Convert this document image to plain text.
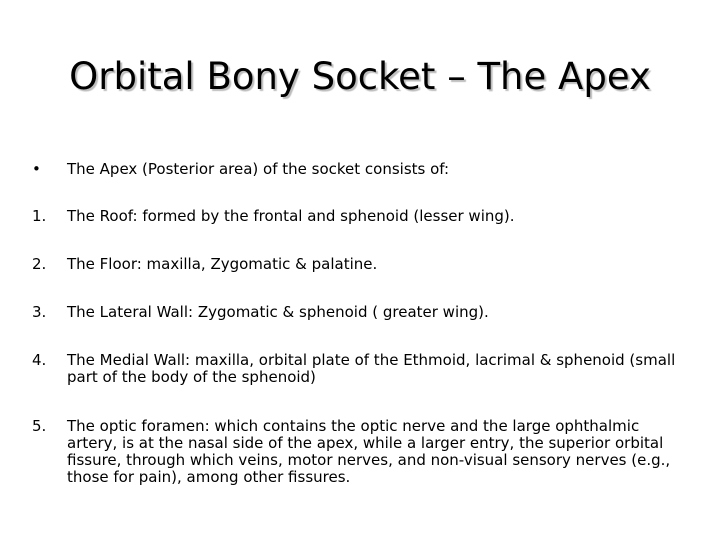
Orbital Bony Socket – The Apex
•	The Apex (Posterior area) of the socket consists of:
1.	The Roof: formed by the frontal and sphenoid (lesser wing).
2.	The Floor: maxilla, Zygomatic & palatine.
3.	The Lateral Wall: Zygomatic & sphenoid ( greater wing).
4.	The Medial Wall: maxilla, orbital plate of the Ethmoid, lacrimal & sphenoid (small part of the body of the sphenoid)
5.	The optic foramen: which contains the optic nerve and the large ophthalmic artery, is at the nasal side of the apex, while a larger entry, the superior orbital fissure, through which veins, motor nerves, and non-visual sensory nerves (e.g., those for pain), among other fissures.
